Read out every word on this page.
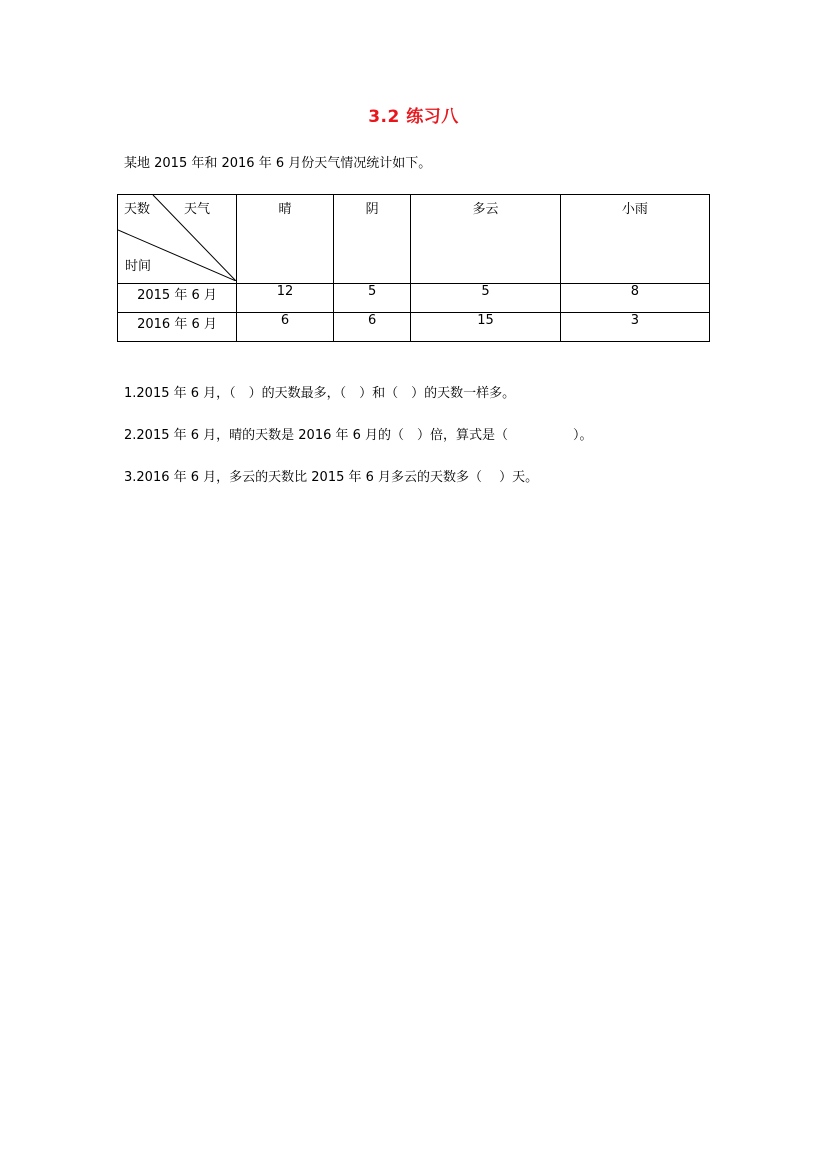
3.2 练习八
某地 2015 年和 2016 年 6 月份天气情况统计如下。
天数 天气
时间	晴	阴	多云	小雨
2015 年 6 月	12	5	5	8
2016 年 6 月	6	6	15	3
1.2015 年 6 月，（　）的天数最多，（　）和（　）的天数一样多。
2.2015 年 6 月，晴的天数是 2016 年 6 月的（　）倍，算式是（　　　　　）。
3.2016 年 6 月，多云的天数比 2015 年 6 月多云的天数多（　 ）天。
